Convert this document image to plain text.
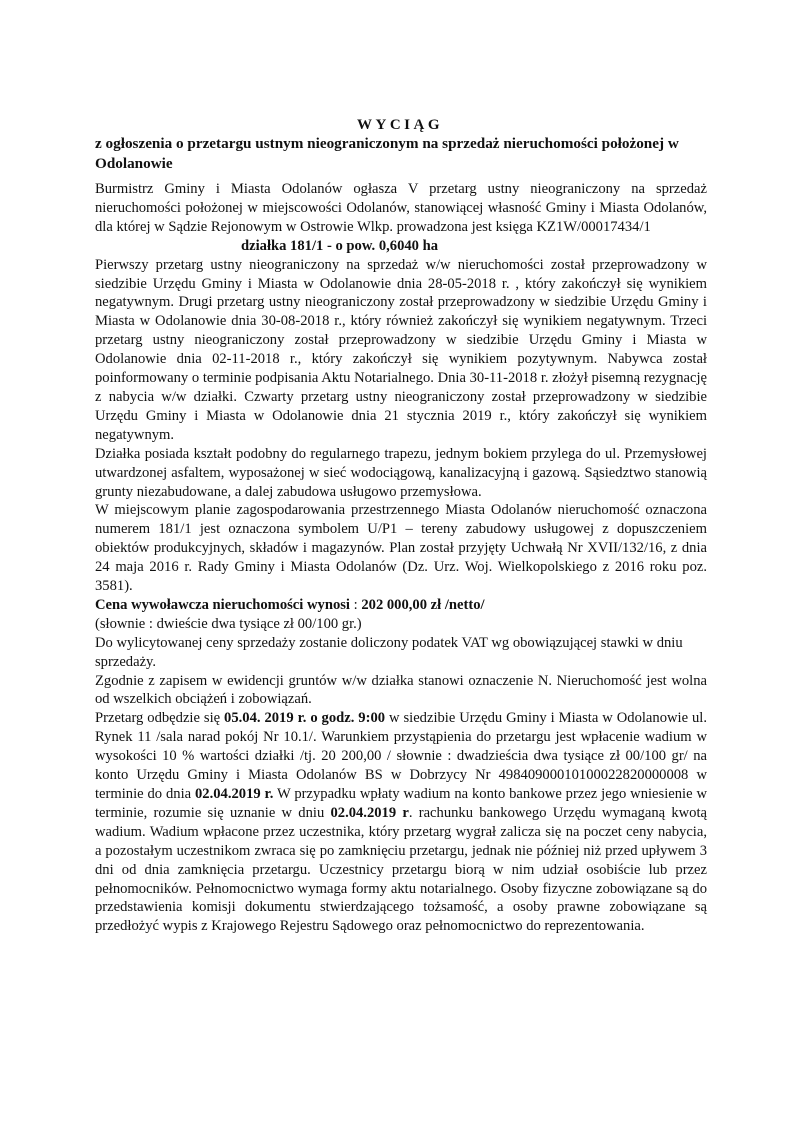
WYCIĄG
z ogłoszenia o przetargu ustnym nieograniczonym na sprzedaż nieruchomości położonej w Odolanowie

Burmistrz Gminy i Miasta Odolanów ogłasza V przetarg ustny nieograniczony na sprzedaż nieruchomości położonej w miejscowości Odolanów, stanowiącej własność Gminy i Miasta Odolanów, dla której w Sądzie Rejonowym w Ostrowie Wlkp. prowadzona jest księga KZ1W/00017434/1

działka 181/1 - o pow. 0,6040 ha

Pierwszy przetarg ustny nieograniczony na sprzedaż w/w nieruchomości został przeprowadzony w siedzibie Urzędu Gminy i Miasta w Odolanowie dnia 28-05-2018 r. , który zakończył się wynikiem negatywnym. Drugi przetarg ustny nieograniczony został przeprowadzony w siedzibie Urzędu Gminy i Miasta w Odolanowie dnia 30-08-2018 r., który również zakończył się wynikiem negatywnym. Trzeci przetarg ustny nieograniczony został przeprowadzony w siedzibie Urzędu Gminy i Miasta w Odolanowie dnia 02-11-2018 r., który zakończył się wynikiem pozytywnym. Nabywca został poinformowany o terminie podpisania Aktu Notarialnego. Dnia 30-11-2018 r. złożył pisemną rezygnację z nabycia w/w działki. Czwarty przetarg ustny nieograniczony został przeprowadzony w siedzibie Urzędu Gminy i Miasta w Odolanowie dnia 21 stycznia 2019 r., który zakończył się wynikiem negatywnym.

Działka posiada kształt podobny do regularnego trapezu, jednym bokiem przylega do ul. Przemysłowej utwardzonej asfaltem, wyposażonej w sieć wodociągową, kanalizacyjną i gazową. Sąsiedztwo stanowią grunty niezabudowane, a dalej zabudowa usługowo przemysłowa.

W miejscowym planie zagospodarowania przestrzennego Miasta Odolanów nieruchomość oznaczona numerem 181/1 jest oznaczona symbolem U/P1 – tereny zabudowy usługowej z dopuszczeniem obiektów produkcyjnych, składów i magazynów. Plan został przyjęty Uchwałą Nr XVII/132/16, z dnia 24 maja 2016 r. Rady Gminy i Miasta Odolanów (Dz. Urz. Woj. Wielkopolskiego z 2016 roku poz. 3581).

Cena wywoławcza nieruchomości wynosi : 202 000,00 zł /netto/

(słownie : dwieście dwa tysiące zł 00/100 gr.)

Do wylicytowanej ceny sprzedaży zostanie doliczony podatek VAT wg obowiązującej stawki w dniu sprzedaży.

Zgodnie z zapisem w ewidencji gruntów w/w działka stanowi oznaczenie N. Nieruchomość jest wolna od wszelkich obciążeń i zobowiązań.

Przetarg odbędzie się 05.04. 2019 r. o godz. 9:00 w siedzibie Urzędu Gminy i Miasta w Odolanowie ul. Rynek 11 /sala narad pokój Nr 10.1/. Warunkiem przystąpienia do przetargu jest wpłacenie wadium w wysokości 10 % wartości działki /tj. 20 200,00 / słownie : dwadzieścia dwa tysiące zł 00/100 gr/ na konto Urzędu Gminy i Miasta Odolanów BS w Dobrzycy Nr 49840900010100022820000008 w terminie do dnia 02.04.2019 r. W przypadku wpłaty wadium na konto bankowe przez jego wniesienie w terminie, rozumie się uznanie w dniu 02.04.2019 r. rachunku bankowego Urzędu wymaganą kwotą wadium. Wadium wpłacone przez uczestnika, który przetarg wygrał zalicza się na poczet ceny nabycia, a pozostałym uczestnikom zwraca się po zamknięciu przetargu, jednak nie później niż przed upływem 3 dni od dnia zamknięcia przetargu. Uczestnicy przetargu biorą w nim udział osobiście lub przez pełnomocników. Pełnomocnictwo wymaga formy aktu notarialnego. Osoby fizyczne zobowiązane są do przedstawienia komisji dokumentu stwierdzającego tożsamość, a osoby prawne zobowiązane są przedłożyć wypis z Krajowego Rejestru Sądowego oraz pełnomocnictwo do reprezentowania.
